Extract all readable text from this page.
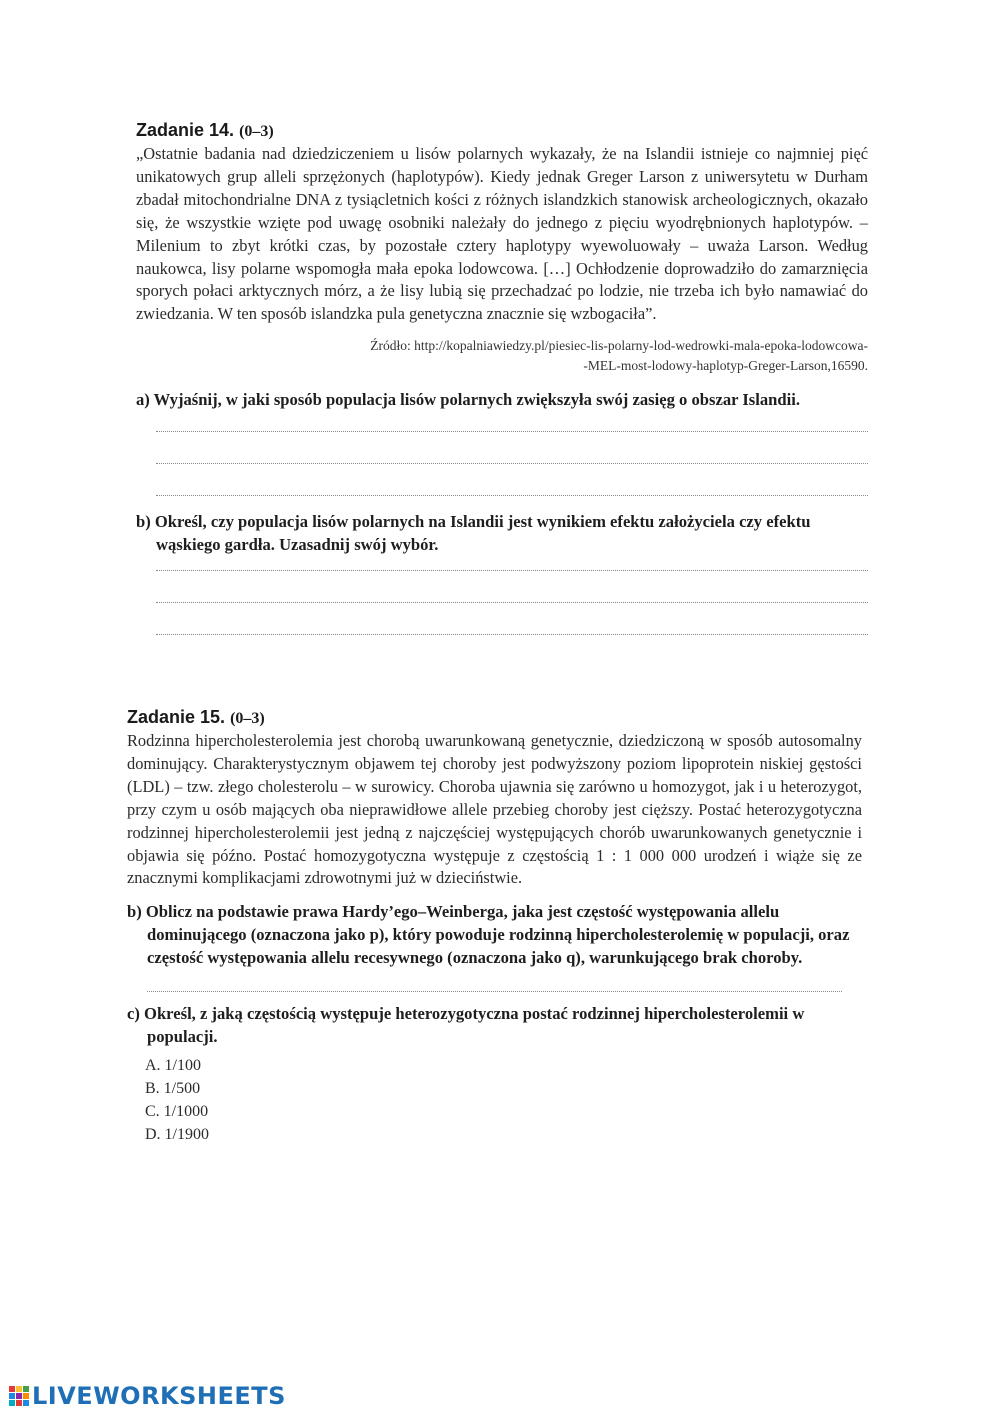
Zadanie 14. (0–3)

„Ostatnie badania nad dziedziczeniem u lisów polarnych wykazały, że na Islandii istnieje co najmniej pięć unikatowych grup alleli sprzężonych (haplotypów). Kiedy jednak Greger Larson z uniwersytetu w Durham zbadał mitochondrialne DNA z tysiącletnich kości z różnych islandzkich stanowisk archeologicznych, okazało się, że wszystkie wzięte pod uwagę osobniki należały do jednego z pięciu wyodrębnionych haplotypów. – Milenium to zbyt krótki czas, by pozostałe cztery haplotypy wyewoluowały – uważa Larson. Według naukowca, lisy polarne wspomogła mała epoka lodowcowa. […] Ochłodzenie doprowadziło do zamarznięcia sporych połaci arktycznych mórz, a że lisy lubią się przechadzać po lodzie, nie trzeba ich było namawiać do zwiedzania. W ten sposób islandzka pula genetyczna znacznie się wzbogaciła”.

Źródło: http://kopalniawiedzy.pl/piesiec-lis-polarny-lod-wedrowki-mala-epoka-lodowcowa-
-MEL-most-lodowy-haplotyp-Greger-Larson,16590.

a) Wyjaśnij, w jaki sposób populacja lisów polarnych zwiększyła swój zasięg o obszar Islandii.

b) Określ, czy populacja lisów polarnych na Islandii jest wynikiem efektu założyciela czy efektu wąskiego gardła. Uzasadnij swój wybór.

Zadanie 15. (0–3)

Rodzinna hipercholesterolemia jest chorobą uwarunkowaną genetycznie, dziedziczoną w sposób autosomalny dominujący. Charakterystycznym objawem tej choroby jest podwyższony poziom lipoprotein niskiej gęstości (LDL) – tzw. złego cholesterolu – w surowicy. Choroba ujawnia się zarówno u homozygot, jak i u heterozygot, przy czym u osób mających oba nieprawidłowe allele przebieg choroby jest cięższy. Postać heterozygotyczna rodzinnej hipercholesterolemii jest jedną z najczęściej występujących chorób uwarunkowanych genetycznie i objawia się późno. Postać homozygotyczna występuje z częstością 1 : 1 000 000 urodzeń i wiąże się ze znacznymi komplikacjami zdrowotnymi już w dzieciństwie.

b) Oblicz na podstawie prawa Hardy’ego–Weinberga, jaka jest częstość występowania allelu dominującego (oznaczona jako p), który powoduje rodzinną hipercholesterolemię w populacji, oraz częstość występowania allelu recesywnego (oznaczona jako q), warunkującego brak choroby.

c) Określ, z jaką częstością występuje heterozygotyczna postać rodzinnej hipercholesterolemii w populacji.

A. 1/100
B. 1/500
C. 1/1000
D. 1/1900
LIVEWORKSHEETS
